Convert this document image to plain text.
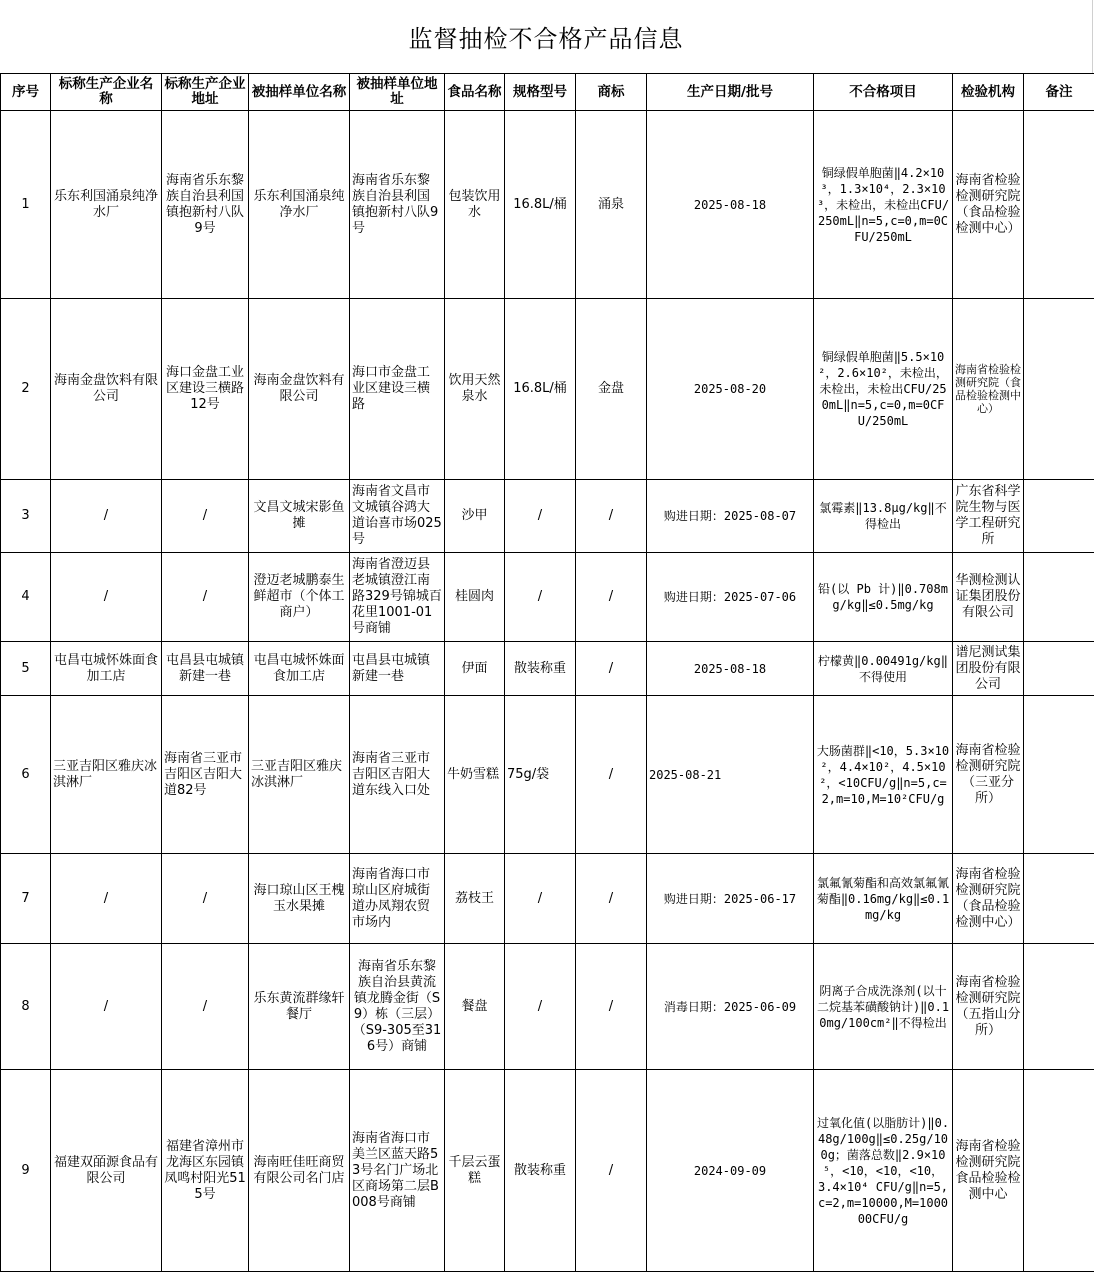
监督抽检不合格产品信息
序号	标称生产企业名称	标称生产企业地址	被抽样单位名称	被抽样单位地址	食品名称	规格型号	商标	生产日期/批号	不合格项目	检验机构	备注
1	乐东利国涌泉纯净水厂	海南省乐东黎族自治县利国镇抱新村八队9号	乐东利国涌泉纯净水厂	海南省乐东黎族自治县利国镇抱新村八队9号	包装饮用水	16.8L/桶	涌泉	2025-08-18	铜绿假单胞菌‖4.2×10³，1.3×10⁴，2.3×10³，未检出，未检出CFU/250mL‖n=5,c=0,m=0CFU/250mL	海南省检验检测研究院（食品检验检测中心）	
2	海南金盘饮料有限公司	海口金盘工业区建设三横路12号	海南金盘饮料有限公司	海口市金盘工业区建设三横路	饮用天然泉水	16.8L/桶	金盘	2025-08-20	铜绿假单胞菌‖5.5×10²，2.6×10²，未检出，未检出，未检出CFU/250mL‖n=5,c=0,m=0CFU/250mL	海南省检验检测研究院（食品检验检测中心）	
3	/	/	文昌文城宋影鱼摊	海南省文昌市文城镇谷鸿大道诒喜市场025号	沙甲	/	/	购进日期：2025-08-07	氯霉素‖13.8μg/kg‖不得检出	广东省科学院生物与医学工程研究所	
4	/	/	澄迈老城鹏泰生鲜超市（个体工商户）	海南省澄迈县老城镇澄江南路329号锦城百花里1001-01号商铺	桂圆肉	/	/	购进日期：2025-07-06	铅(以 Pb 计)‖0.708mg/kg‖≤0.5mg/kg	华测检测认证集团股份有限公司	
5	屯昌屯城怀姝面食加工店	屯昌县屯城镇新建一巷	屯昌屯城怀姝面食加工店	屯昌县屯城镇新建一巷	伊面	散装称重	/	2025-08-18	柠檬黄‖0.00491g/kg‖不得使用	谱尼测试集团股份有限公司	
6	三亚吉阳区雅庆冰淇淋厂	海南省三亚市吉阳区吉阳大道82号	三亚吉阳区雅庆冰淇淋厂	海南省三亚市吉阳区吉阳大道东线入口处	牛奶雪糕	75g/袋	/	2025-08-21	大肠菌群‖<10，5.3×10²，4.4×10²，4.5×10²，<10CFU/g‖n=5,c=2,m=10,M=10²CFU/g	海南省检验检测研究院（三亚分所）	
7	/	/	海口琼山区王槐玉水果摊	海南省海口市琼山区府城街道办凤翔农贸市场内	荔枝王	/	/	购进日期：2025-06-17	氯氟氰菊酯和高效氯氟氰菊酯‖0.16mg/kg‖≤0.1mg/kg	海南省检验检测研究院（食品检验检测中心）	
8	/	/	乐东黄流群缘轩餐厅	海南省乐东黎族自治县黄流镇龙腾金街（S9）栋（三层）（S9-305至316号）商铺	餐盘	/	/	消毒日期：2025-06-09	阴离子合成洗涤剂(以十二烷基苯磺酸钠计)‖0.10mg/100cm²‖不得检出	海南省检验检测研究院（五指山分所）	
9	福建双皕源食品有限公司	福建省漳州市龙海区东园镇凤鸣村阳光515号	海南旺佳旺商贸有限公司名门店	海南省海口市美兰区蓝天路53号名门广场北区商场第二层B008号商铺	千层云蛋糕	散装称重	/	2024-09-09	过氧化值(以脂肪计)‖0.48g/100g‖≤0.25g/100g；菌落总数‖2.9×10⁵，<10，<10，<10，3.4×10⁴ CFU/g‖n=5,c=2,m=10000,M=100000CFU/g	海南省检验检测研究院食品检验检测中心	
